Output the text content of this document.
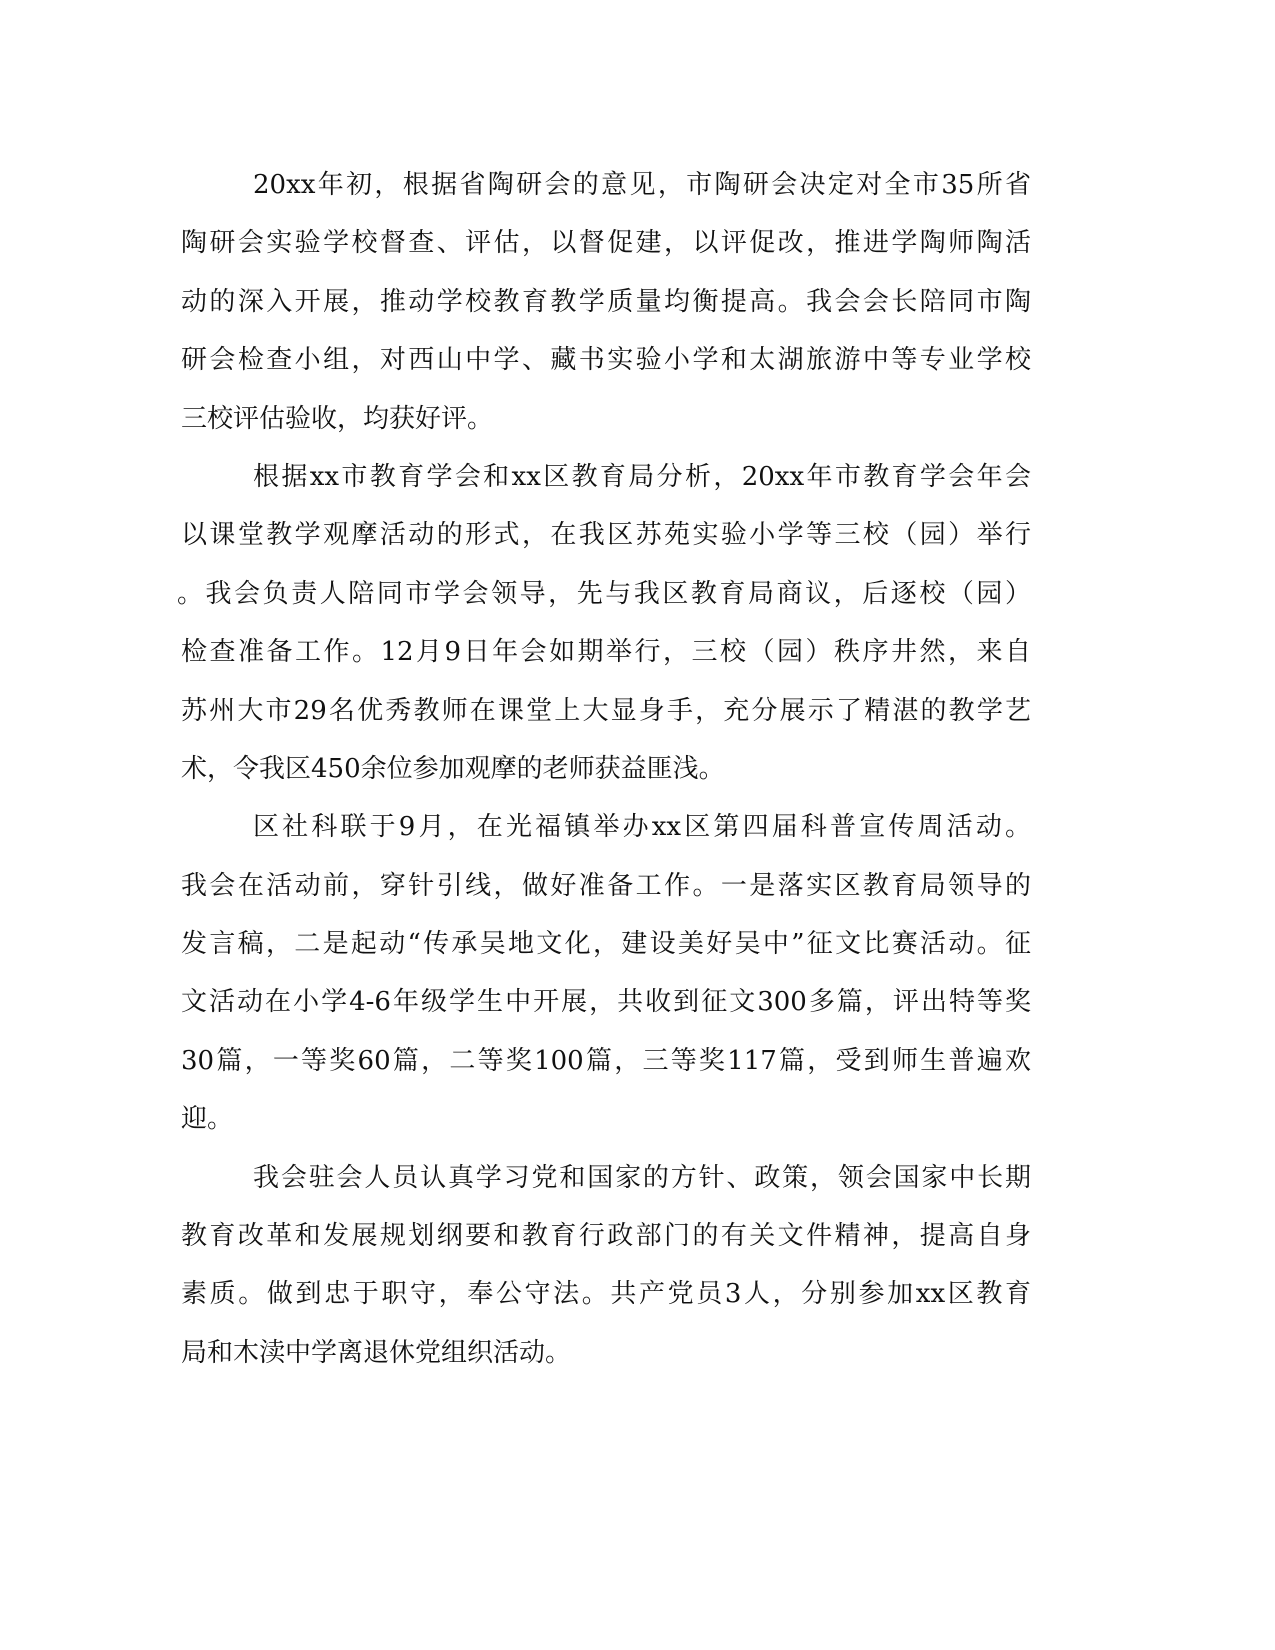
20xx年初，根据省陶研会的意见，市陶研会决定对全市35所省
陶研会实验学校督查、评估，以督促建，以评促改，推进学陶师陶活
动的深入开展，推动学校教育教学质量均衡提高。我会会长陪同市陶
研会检查小组，对西山中学、藏书实验小学和太湖旅游中等专业学校
三校评估验收，均获好评。
根据xx市教育学会和xx区教育局分析，20xx年市教育学会年会
以课堂教学观摩活动的形式，在我区苏苑实验小学等三校（园）举行
。我会负责人陪同市学会领导，先与我区教育局商议，后逐校（园）
检查准备工作。12月9日年会如期举行，三校（园）秩序井然，来自
苏州大市29名优秀教师在课堂上大显身手，充分展示了精湛的教学艺
术，令我区450余位参加观摩的老师获益匪浅。
区社科联于9月，在光福镇举办xx区第四届科普宣传周活动。
我会在活动前，穿针引线，做好准备工作。一是落实区教育局领导的
发言稿，二是起动“传承吴地文化，建设美好吴中”征文比赛活动。征
文活动在小学4-6年级学生中开展，共收到征文300多篇，评出特等奖
30篇，一等奖60篇，二等奖100篇，三等奖117篇，受到师生普遍欢
迎。
我会驻会人员认真学习党和国家的方针、政策，领会国家中长期
教育改革和发展规划纲要和教育行政部门的有关文件精神，提高自身
素质。做到忠于职守，奉公守法。共产党员3人，分别参加xx区教育
局和木渎中学离退休党组织活动。
